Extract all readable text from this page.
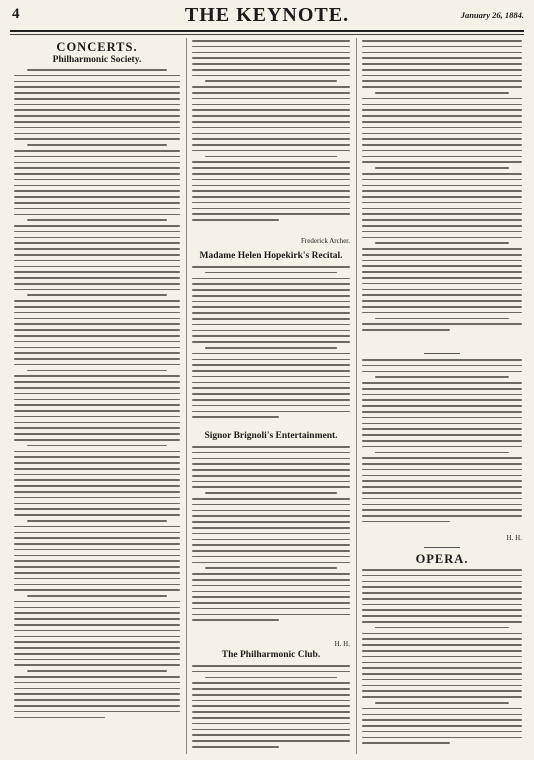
4	THE KEYNOTE.	January 26, 1884.
CONCERTS.
Philharmonic Society.
Frederick Archer.
Madame Helen Hopekirk's Recital.
Signor Brignoli's Entertainment.
H. H.
The Philharmonic Club.
H. H.
OPERA.
